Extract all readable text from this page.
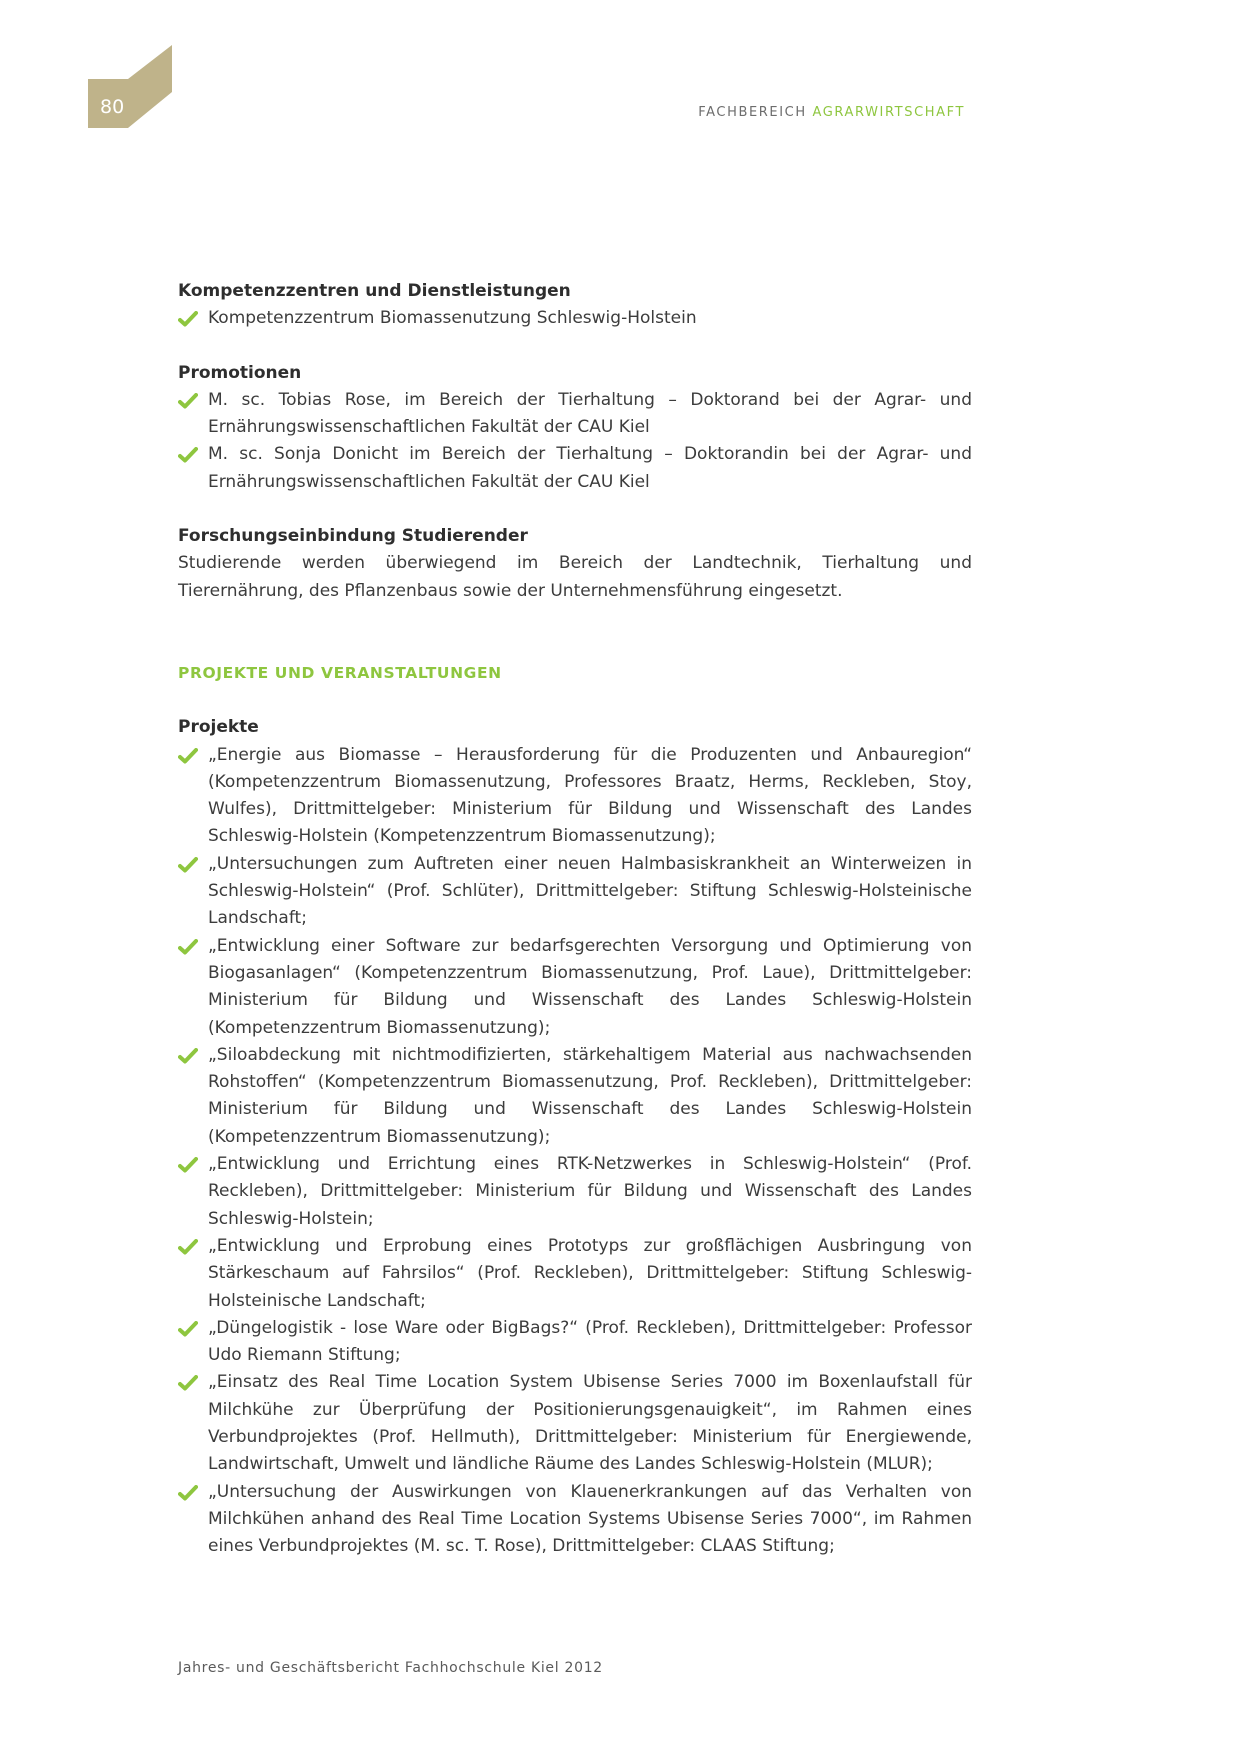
80	FACHBEREICH AGRARWIRTSCHAFT
Kompetenzzentren und Dienstleistungen
Kompetenzzentrum Biomassenutzung Schleswig-Holstein
Promotionen
M. sc. Tobias Rose, im Bereich der Tierhaltung – Doktorand bei der Agrar- und Ernährungswissenschaftlichen Fakultät der CAU Kiel
M. sc. Sonja Donicht im Bereich der Tierhaltung – Doktorandin bei der Agrar- und Ernährungswissenschaftlichen Fakultät der CAU Kiel
Forschungseinbindung Studierender

Studierende werden überwiegend im Bereich der Landtechnik, Tierhaltung und Tierernährung, des Pflanzenbaus sowie der Unternehmensführung eingesetzt.

PROJEKTE UND VERANSTALTUNGEN
Projekte
„Energie aus Biomasse – Herausforderung für die Produzenten und Anbauregion“ (Kompetenzzentrum Biomassenutzung, Professores Braatz, Herms, Reckleben, Stoy, Wulfes), Drittmittelgeber: Ministerium für Bildung und Wissenschaft des Landes Schleswig-Holstein (Kompetenzzentrum Biomassenutzung);
„Untersuchungen zum Auftreten einer neuen Halmbasiskrankheit an Winterweizen in Schleswig-Holstein“ (Prof. Schlüter), Drittmittelgeber: Stiftung Schleswig-Holsteinische Landschaft;
„Entwicklung einer Software zur bedarfsgerechten Versorgung und Optimierung von Biogasanlagen“ (Kompetenzzentrum Biomassenutzung, Prof. Laue), Drittmittelgeber: Ministerium für Bildung und Wissenschaft des Landes Schleswig-Holstein (Kompetenzzentrum Biomassenutzung);
„Siloabdeckung mit nichtmodifizierten, stärkehaltigem Material aus nachwachsenden Rohstoffen“ (Kompetenzzentrum Biomassenutzung, Prof. Reckleben), Drittmittelgeber: Ministerium für Bildung und Wissenschaft des Landes Schleswig-Holstein (Kompetenzzentrum Biomassenutzung);
„Entwicklung und Errichtung eines RTK-Netzwerkes in Schleswig-Holstein“ (Prof. Reckleben), Drittmittelgeber: Ministerium für Bildung und Wissenschaft des Landes Schleswig-Holstein;
„Entwicklung und Erprobung eines Prototyps zur großflächigen Ausbringung von Stärkeschaum auf Fahrsilos“ (Prof. Reckleben), Drittmittelgeber: Stiftung Schleswig-Holsteinische Landschaft;
„Düngelogistik - lose Ware oder BigBags?“ (Prof. Reckleben), Drittmittelgeber: Professor Udo Riemann Stiftung;
„Einsatz des Real Time Location System Ubisense Series 7000 im Boxenlaufstall für Milchkühe zur Überprüfung der Positionierungsgenauigkeit“, im Rahmen eines Verbundprojektes (Prof. Hellmuth), Drittmittelgeber: Ministerium für Energiewende, Landwirtschaft, Umwelt und ländliche Räume des Landes Schleswig-Holstein (MLUR);
„Untersuchung der Auswirkungen von Klauenerkrankungen auf das Verhalten von Milchkühen anhand des Real Time Location Systems Ubisense Series 7000“, im Rahmen eines Verbundprojektes (M. sc. T. Rose), Drittmittelgeber: CLAAS Stiftung;
Jahres- und Geschäftsbericht Fachhochschule Kiel 2012
